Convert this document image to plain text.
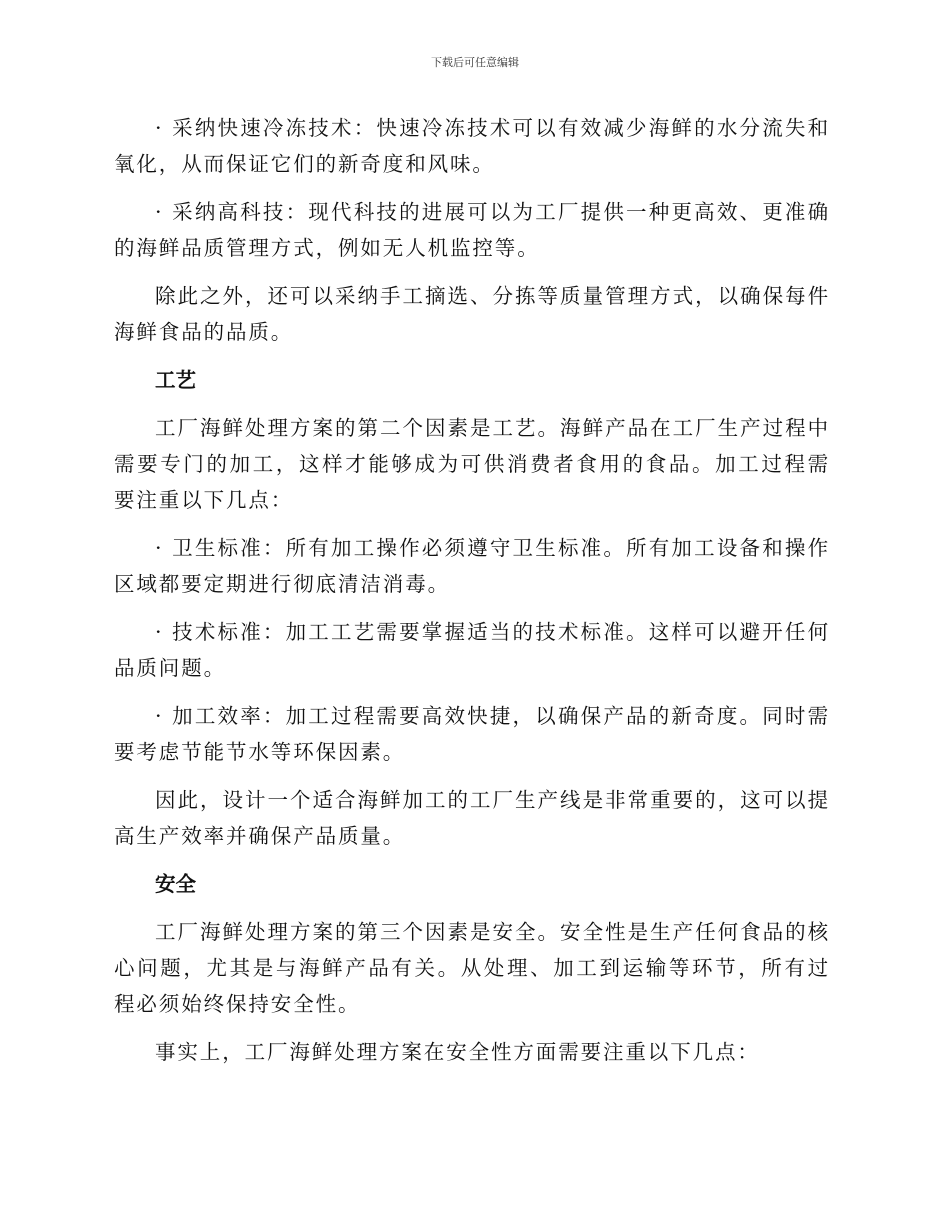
下载后可任意编辑

· 采纳快速冷冻技术：快速冷冻技术可以有效减少海鲜的水分流失和氧化，从而保证它们的新奇度和风味。

· 采纳高科技：现代科技的进展可以为工厂提供一种更高效、更准确的海鲜品质管理方式，例如无人机监控等。

除此之外，还可以采纳手工摘选、分拣等质量管理方式，以确保每件海鲜食品的品质。

工艺

工厂海鲜处理方案的第二个因素是工艺。海鲜产品在工厂生产过程中需要专门的加工，这样才能够成为可供消费者食用的食品。加工过程需要注重以下几点：

· 卫生标准：所有加工操作必须遵守卫生标准。所有加工设备和操作区域都要定期进行彻底清洁消毒。

· 技术标准：加工工艺需要掌握适当的技术标准。这样可以避开任何品质问题。

· 加工效率：加工过程需要高效快捷，以确保产品的新奇度。同时需要考虑节能节水等环保因素。

因此，设计一个适合海鲜加工的工厂生产线是非常重要的，这可以提高生产效率并确保产品质量。

安全

工厂海鲜处理方案的第三个因素是安全。安全性是生产任何食品的核心问题，尤其是与海鲜产品有关。从处理、加工到运输等环节，所有过程必须始终保持安全性。

事实上，工厂海鲜处理方案在安全性方面需要注重以下几点：
